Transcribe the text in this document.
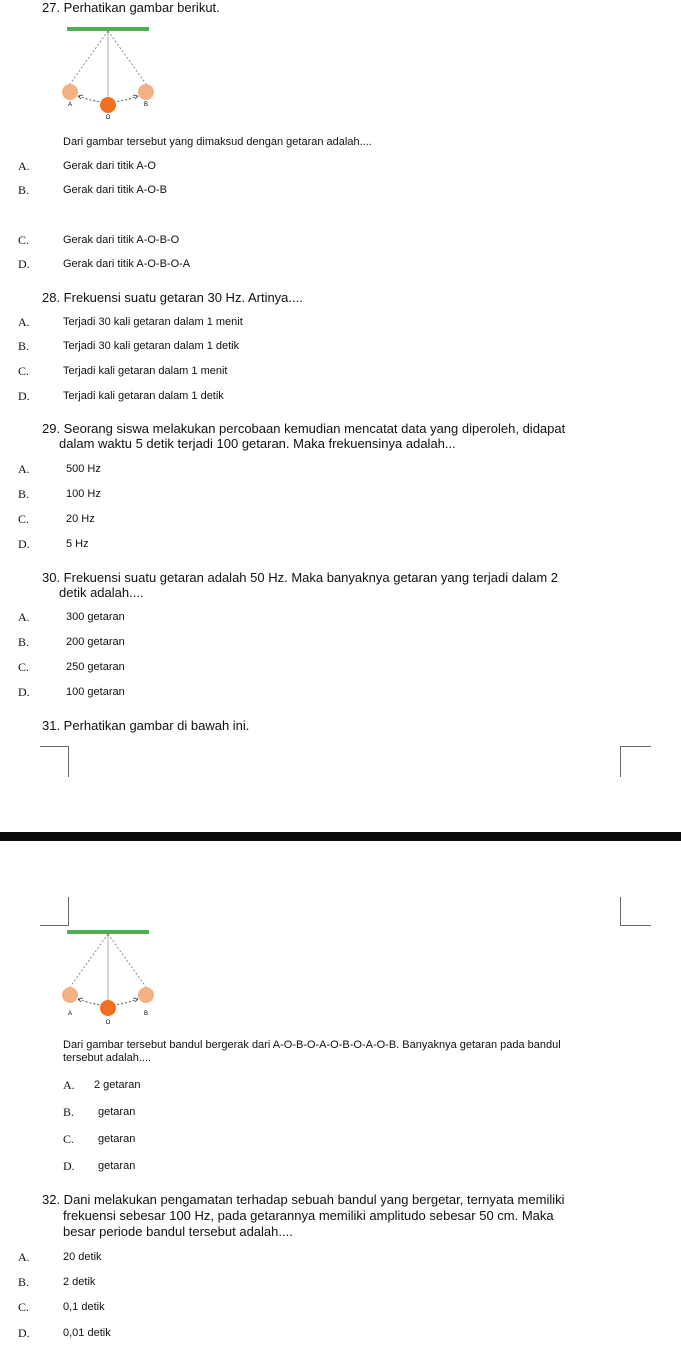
27. Perhatikan gambar berikut.
A
O
B
Dari gambar tersebut yang dimaksud dengan getaran adalah....
A.	Gerak dari titik A-O
B.	Gerak dari titik A-O-B
C.	Gerak dari titik A-O-B-O
D.	Gerak dari titik A-O-B-O-A
28. Frekuensi suatu getaran 30 Hz. Artinya....
A.	Terjadi 30 kali getaran dalam 1 menit
B.	Terjadi 30 kali getaran dalam 1 detik
C.	Terjadi kali getaran dalam 1 menit
D.	Terjadi kali getaran dalam 1 detik
29. Seorang siswa melakukan percobaan kemudian mencatat data yang diperoleh, didapat
dalam waktu 5 detik terjadi 100 getaran. Maka frekuensinya adalah...
A.	500 Hz
B.	100 Hz
C.	20 Hz
D.	5 Hz
30. Frekuensi suatu getaran adalah 50 Hz. Maka banyaknya getaran yang terjadi dalam 2
detik adalah....
A.	300 getaran
B.	200 getaran
C.	250 getaran
D.	100 getaran
31. Perhatikan gambar di bawah ini.
A
O
B
Dari gambar tersebut bandul bergerak dari A-O-B-O-A-O-B-O-A-O-B. Banyaknya getaran pada bandul
tersebut adalah....
A. 2 getaran
B. getaran
C. getaran
D. getaran
32. Dani melakukan pengamatan terhadap sebuah bandul yang bergetar, ternyata memiliki
frekuensi sebesar 100 Hz, pada getarannya memiliki amplitudo sebesar 50 cm. Maka
besar periode bandul tersebut adalah....
A.	20 detik
B.	2 detik
C.	0,1 detik
D.	0,01 detik
